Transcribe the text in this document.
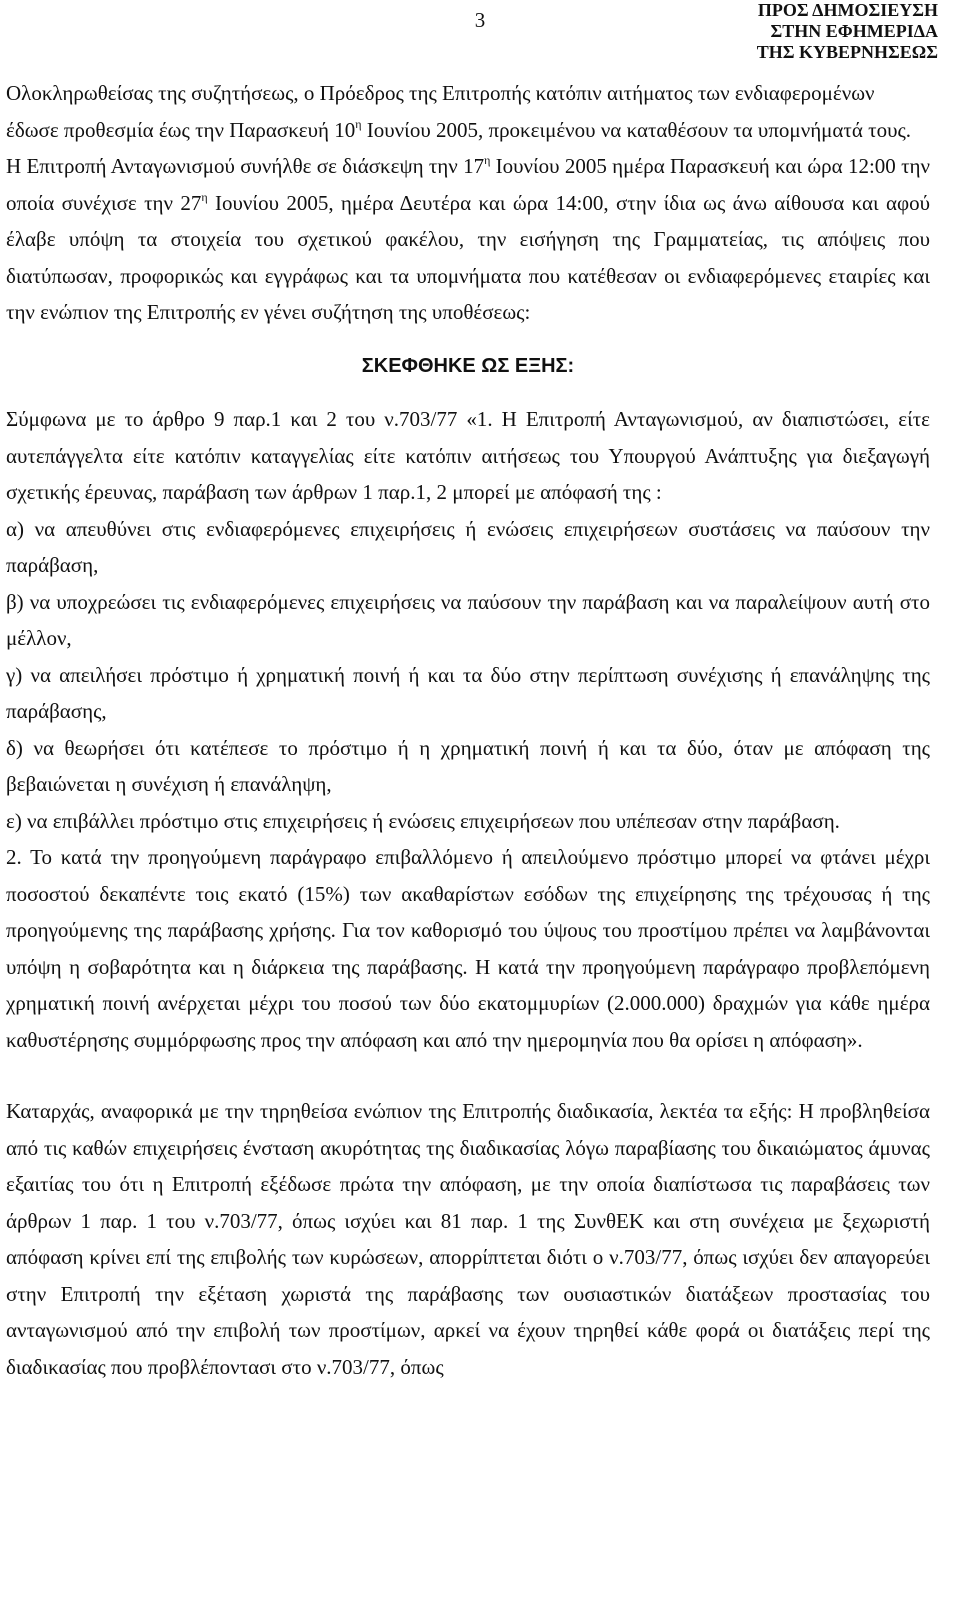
3	ΠΡΟΣ ΔΗΜΟΣΙΕΥΣΗ
ΣΤΗΝ ΕΦΗΜΕΡΙΔΑ
ΤΗΣ ΚΥΒΕΡΝΗΣΕΩΣ

Ολοκληρωθείσας της συζητήσεως, ο Πρόεδρος της Επιτροπής κατόπιν αιτήματος των ενδιαφερομένων έδωσε προθεσμία έως την Παρασκευή $10^\eta$ Ιουνίου 2005, προκειμένου να καταθέσουν τα υπομνήματά τους.

Η Επιτροπή Ανταγωνισμού συνήλθε σε διάσκεψη την $17^\eta$ Ιουνίου 2005 ημέρα Παρασκευή και ώρα 12:00 την οποία συνέχισε την $27^\eta$ Ιουνίου 2005, ημέρα Δευτέρα και ώρα 14:00, στην ίδια ως άνω αίθουσα και αφού έλαβε υπόψη τα στοιχεία του σχετικού φακέλου, την εισήγηση της Γραμματείας, τις απόψεις που διατύπωσαν, προφορικώς και εγγράφως και τα υπομνήματα που κατέθεσαν οι ενδιαφερόμενες εταιρίες και την ενώπιον της Επιτροπής εν γένει συζήτηση της υποθέσεως:

ΣΚΕΦΘΗΚΕ ΩΣ ΕΞΗΣ:

Σύμφωνα με το άρθρο 9 παρ.1 και 2 του ν.703/77 «1. Η Επιτροπή Ανταγωνισμού, αν διαπιστώσει, είτε αυτεπάγγελτα είτε κατόπιν καταγγελίας είτε κατόπιν αιτήσεως του Υπουργού Ανάπτυξης για διεξαγωγή σχετικής έρευνας, παράβαση των άρθρων 1 παρ.1, 2 μπορεί με απόφασή της :

α) να απευθύνει στις ενδιαφερόμενες επιχειρήσεις ή ενώσεις επιχειρήσεων συστάσεις να παύσουν την παράβαση,

β) να υποχρεώσει τις ενδιαφερόμενες επιχειρήσεις να παύσουν την παράβαση και να παραλείψουν αυτή στο μέλλον,

γ) να απειλήσει πρόστιμο ή χρηματική ποινή ή και τα δύο στην περίπτωση συνέχισης ή επανάληψης της παράβασης,

δ) να θεωρήσει ότι κατέπεσε το πρόστιμο ή η χρηματική ποινή ή και τα δύο, όταν με απόφαση της βεβαιώνεται η συνέχιση ή επανάληψη,

ε) να επιβάλλει πρόστιμο στις επιχειρήσεις ή ενώσεις επιχειρήσεων που υπέπεσαν στην παράβαση.

2. Το κατά την προηγούμενη παράγραφο επιβαλλόμενο ή απειλούμενο πρόστιμο μπορεί να φτάνει μέχρι ποσοστού δεκαπέντε τοις εκατό (15%) των ακαθαρίστων εσόδων της επιχείρησης της τρέχουσας ή της προηγούμενης της παράβασης χρήσης. Για τον καθορισμό του ύψους του προστίμου πρέπει να λαμβάνονται υπόψη η σοβαρότητα και η διάρκεια της παράβασης. Η κατά την προηγούμενη παράγραφο προβλεπόμενη χρηματική ποινή ανέρχεται μέχρι του ποσού των δύο εκατομμυρίων (2.000.000) δραχμών για κάθε ημέρα καθυστέρησης συμμόρφωσης προς την απόφαση και από την ημερομηνία που θα ορίσει η απόφαση».

Καταρχάς, αναφορικά με την τηρηθείσα ενώπιον της Επιτροπής διαδικασία, λεκτέα τα εξής: Η προβληθείσα από τις καθών επιχειρήσεις ένσταση ακυρότητας της διαδικασίας λόγω παραβίασης του δικαιώματος άμυνας εξαιτίας του ότι η Επιτροπή εξέδωσε πρώτα την απόφαση, με την οποία διαπίστωσα τις παραβάσεις των άρθρων 1 παρ. 1 του ν.703/77, όπως ισχύει και 81 παρ. 1 της ΣυνθΕΚ και στη συνέχεια με ξεχωριστή απόφαση κρίνει επί της επιβολής των κυρώσεων, απορρίπτεται διότι ο ν.703/77, όπως ισχύει δεν απαγορεύει στην Επιτροπή την εξέταση χωριστά της παράβασης των ουσιαστικών διατάξεων προστασίας του ανταγωνισμού από την επιβολή των προστίμων, αρκεί να έχουν τηρηθεί κάθε φορά οι διατάξεις περί της διαδικασίας που προβλέποντασι στο ν.703/77, όπως
